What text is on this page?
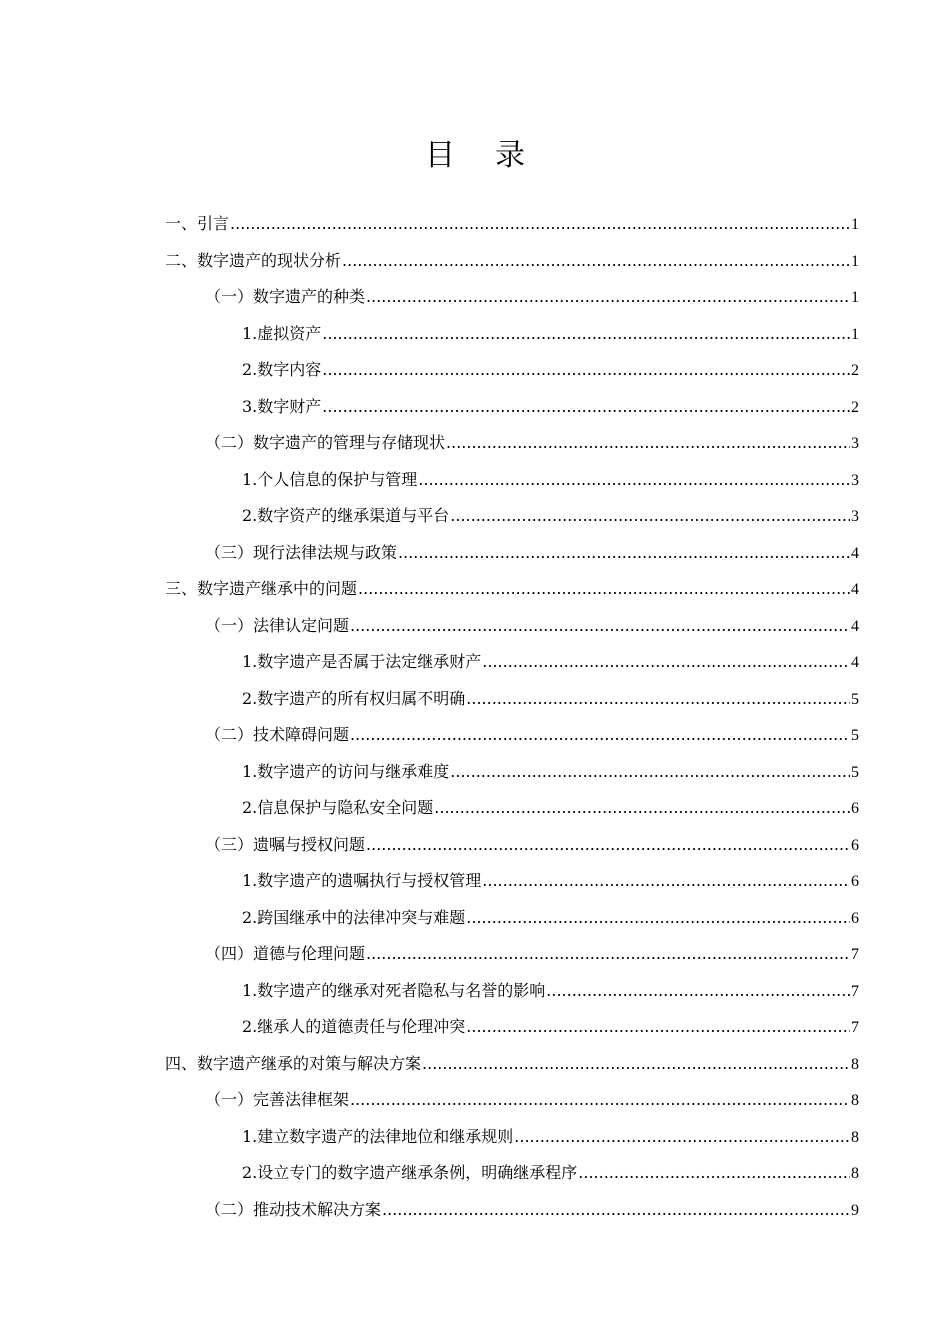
目录
一、引言 .....	1
二、数字遗产的现状分析 .....	1
（一）数字遗产的种类 .....	1
1.虚拟资产 .....	1
2.数字内容 .....	2
3.数字财产 .....	2
（二）数字遗产的管理与存储现状 .....	3
1.个人信息的保护与管理 .....	3
2.数字资产的继承渠道与平台 .....	3
（三）现行法律法规与政策 .....	4
三、数字遗产继承中的问题 .....	4
（一）法律认定问题 .....	4
1.数字遗产是否属于法定继承财产 .....	4
2.数字遗产的所有权归属不明确 .....	5
（二）技术障碍问题 .....	5
1.数字遗产的访问与继承难度 .....	5
2.信息保护与隐私安全问题 .....	6
（三）遗嘱与授权问题 .....	6
1.数字遗产的遗嘱执行与授权管理 .....	6
2.跨国继承中的法律冲突与难题 .....	6
（四）道德与伦理问题 .....	7
1.数字遗产的继承对死者隐私与名誉的影响 .....	7
2.继承人的道德责任与伦理冲突 .....	7
四、数字遗产继承的对策与解决方案 .....	8
（一）完善法律框架 .....	8
1.建立数字遗产的法律地位和继承规则 .....	8
2.设立专门的数字遗产继承条例，明确继承程序 .....	8
（二）推动技术解决方案 .....	9
